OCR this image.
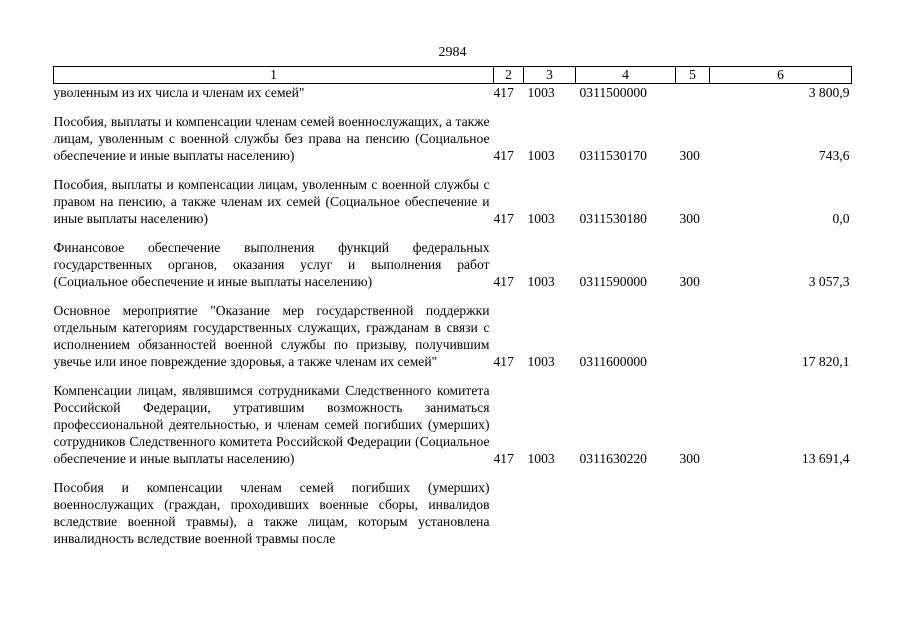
2984
1	2	3	4	5	6
уволенным из их числа и членам их семей"	417	1003	0311500000		3 800,9

Пособия, выплаты и компенсации членам семей военнослужащих, а также лицам, уволенным с военной службы без права на пенсию (Социальное обеспечение и иные выплаты населению)	417	1003	0311530170	300	743,6

Пособия, выплаты и компенсации лицам, уволенным с военной службы с правом на пенсию, а также членам их семей (Социальное обеспечение и иные выплаты населению)	417	1003	0311530180	300	0,0

Финансовое обеспечение выполнения функций федеральных государственных органов, оказания услуг и выполнения работ (Социальное обеспечение и иные выплаты населению)	417	1003	0311590000	300	3 057,3

Основное мероприятие "Оказание мер государственной поддержки отдельным категориям государственных служащих, гражданам в связи с исполнением обязанностей военной службы по призыву, получившим увечье или иное повреждение здоровья, а также членам их семей"	417	1003	0311600000		17 820,1

Компенсации лицам, являвшимся сотрудниками Следственного комитета Российской Федерации, утратившим возможность заниматься профессиональной деятельностью, и членам семей погибших (умерших) сотрудников Следственного комитета Российской Федерации (Социальное обеспечение и иные выплаты населению)	417	1003	0311630220	300	13 691,4

Пособия и компенсации членам семей погибших (умерших) военнослужащих (граждан, проходивших военные сборы, инвалидов вследствие военной травмы), а также лицам, которым установлена инвалидность вследствие военной травмы после					
